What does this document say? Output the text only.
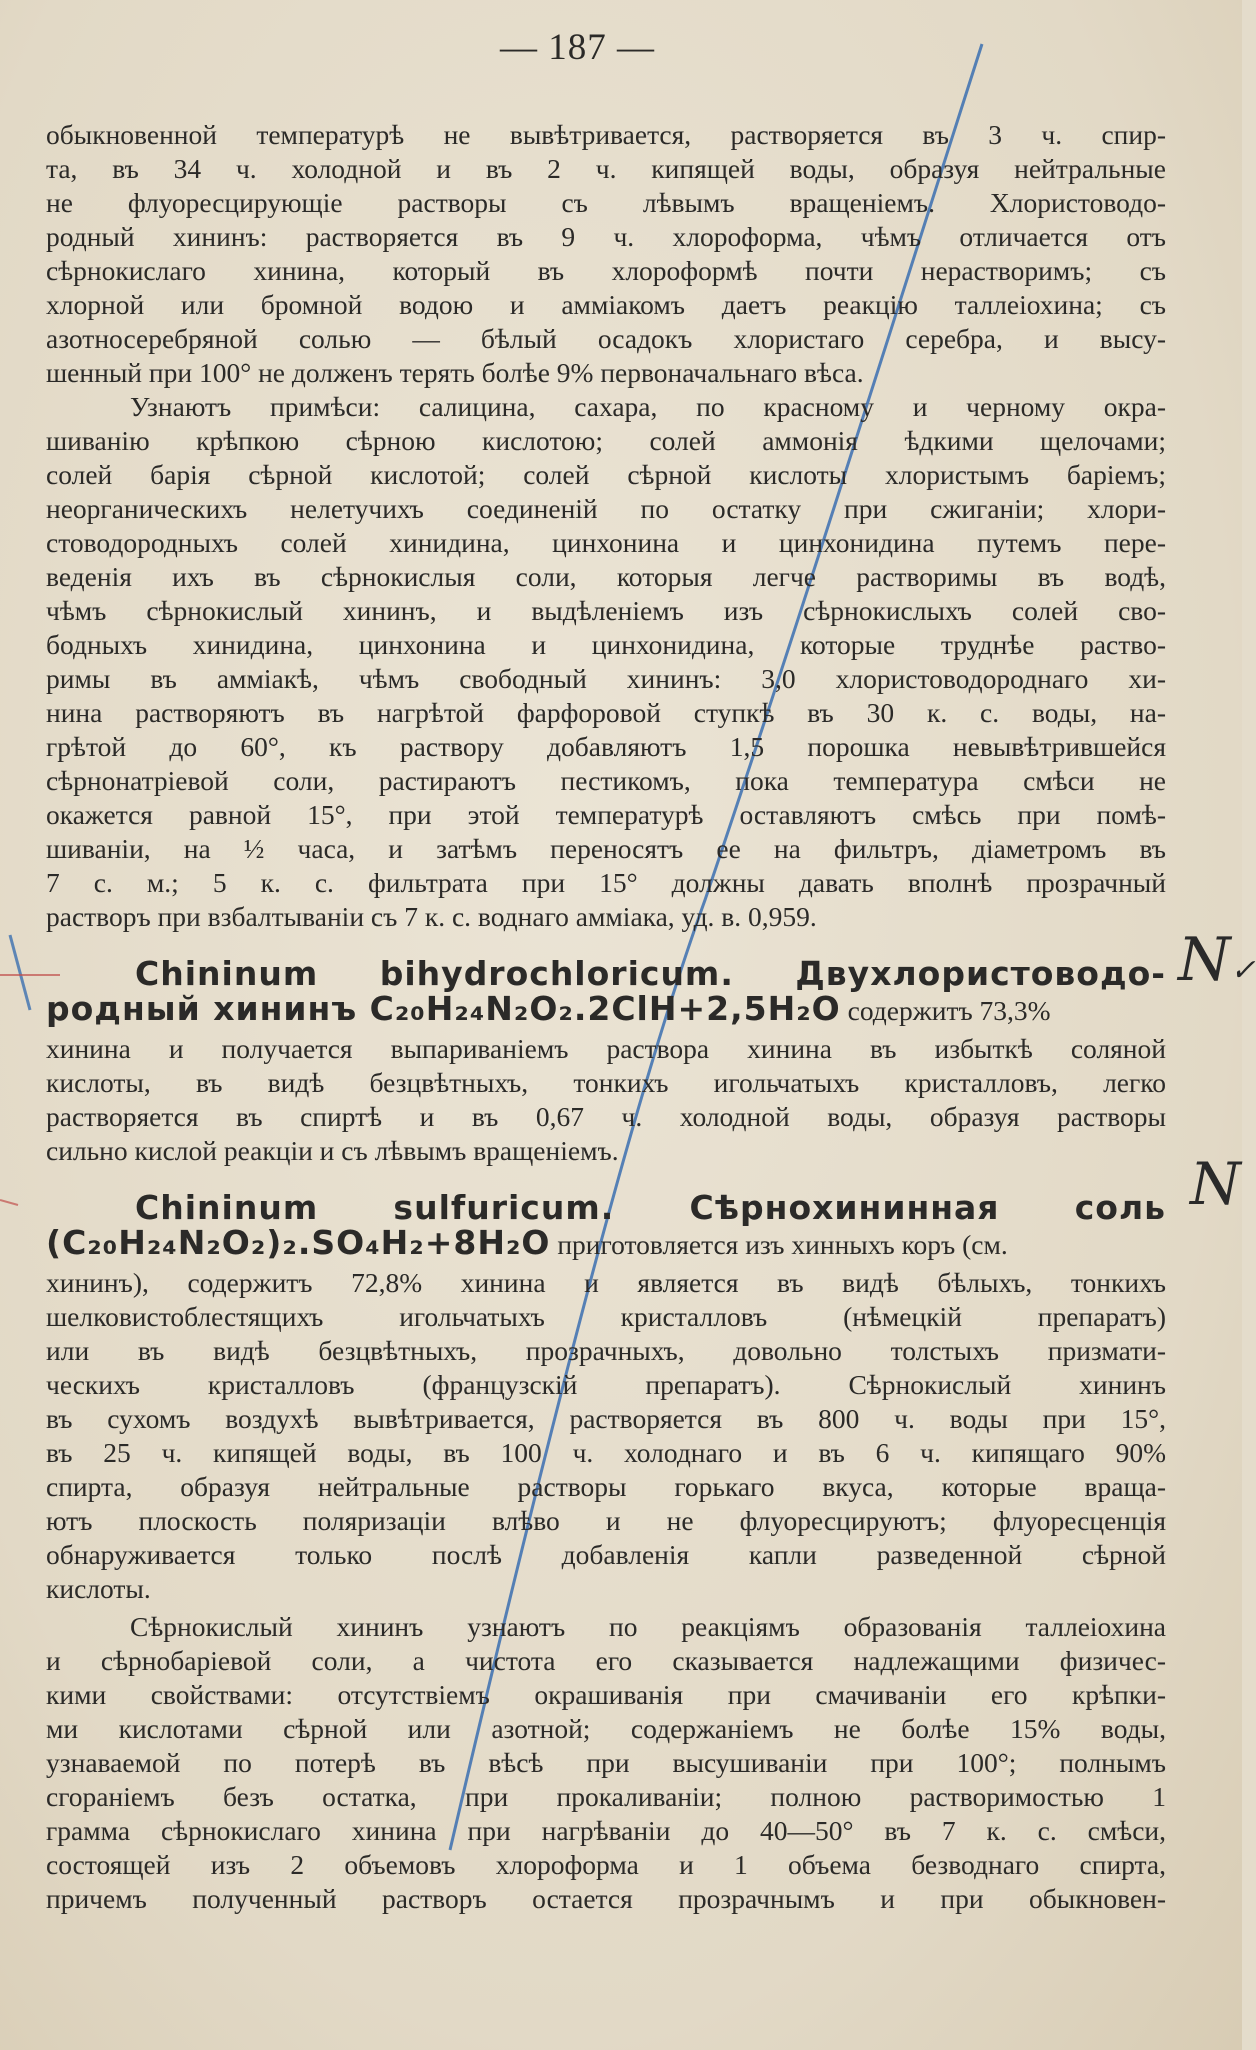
— 187 —
обыкновенной температурѣ не вывѣтривается, растворяется въ 3 ч. спир-
та, въ 34 ч. холодной и въ 2 ч. кипящей воды, образуя нейтральные
не флуоресцирующіе растворы съ лѣвымъ вращеніемъ. Хлористоводо-
родный хининъ: растворяется въ 9 ч. хлороформа, чѣмъ отличается отъ
сѣрнокислаго хинина, который въ хлороформѣ почти нерастворимъ; съ
хлорной или бромной водою и амміакомъ даетъ реакцію таллеіохина; съ
азотносеребряной солью — бѣлый осадокъ хлористаго серебра, и высу-
шенный при 100° не долженъ терять болѣе 9% первоначальнаго вѣса.
Узнаютъ примѣси: салицина, сахара, по красному и черному окра-
шиванію крѣпкою сѣрною кислотою; солей аммонія ѣдкими щелочами;
солей барія сѣрной кислотой; солей сѣрной кислоты хлористымъ баріемъ;
неорганическихъ нелетучихъ соединеній по остатку при сжиганіи; хлори-
стоводородныхъ солей хинидина, цинхонина и цинхонидина путемъ пере-
веденія ихъ въ сѣрнокислыя соли, которыя легче растворимы въ водѣ,
чѣмъ сѣрнокислый хининъ, и выдѣленіемъ изъ сѣрнокислыхъ солей сво-
бодныхъ хинидина, цинхонина и цинхонидина, которые труднѣе раство-
римы въ амміакѣ, чѣмъ свободный хининъ: 3,0 хлористоводороднаго хи-
нина растворяютъ въ нагрѣтой фарфоровой ступкѣ въ 30 к. с. воды, на-
грѣтой до 60°, къ раствору добавляютъ 1,5 порошка невывѣтрившейся
сѣрнонатріевой соли, растираютъ пестикомъ, пока температура смѣси не
окажется равной 15°, при этой температурѣ оставляютъ смѣсь при помѣ-
шиваніи, на ½ часа, и затѣмъ переносятъ ее на фильтръ, діаметромъ въ
7 с. м.; 5 к. с. фильтрата при 15° должны давать вполнѣ прозрачный
растворъ при взбалтываніи съ 7 к. с. воднаго амміака, уд. в. 0,959.
Chininum bihydrochloricum. Двухлористоводо-
родный хининъ C₂₀H₂₄N₂O₂.2ClH+2,5H₂O содержитъ 73,3%
хинина и получается выпариваніемъ раствора хинина въ избыткѣ соляной
кислоты, въ видѣ безцвѣтныхъ, тонкихъ игольчатыхъ кристалловъ, легко
растворяется въ спиртѣ и въ 0,67 ч. холодной воды, образуя растворы
сильно кислой реакціи и съ лѣвымъ вращеніемъ.
Chininum sulfuricum. Сѣрнохининная соль
(C₂₀H₂₄N₂O₂)₂.SO₄H₂+8H₂O приготовляется изъ хинныхъ коръ (см.
хининъ), содержитъ 72,8% хинина и является въ видѣ бѣлыхъ, тонкихъ
шелковистоблестящихъ игольчатыхъ кристалловъ (нѣмецкій препаратъ)
или въ видѣ безцвѣтныхъ, прозрачныхъ, довольно толстыхъ призмати-
ческихъ кристалловъ (французскій препаратъ). Сѣрнокислый хининъ
въ сухомъ воздухѣ вывѣтривается, растворяется въ 800 ч. воды при 15°,
въ 25 ч. кипящей воды, въ 100 ч. холоднаго и въ 6 ч. кипящаго 90%
спирта, образуя нейтральные растворы горькаго вкуса, которые враща-
ютъ плоскость поляризаціи влѣво и не флуоресцируютъ; флуоресценція
обнаруживается только послѣ добавленія капли разведенной сѣрной
кислоты.
Сѣрнокислый хининъ узнаютъ по реакціямъ образованія таллеіохина
и сѣрнобаріевой соли, а чистота его сказывается надлежащими физичес-
кими свойствами: отсутствіемъ окрашиванія при смачиваніи его крѣпки-
ми кислотами сѣрной или азотной; содержаніемъ не болѣе 15% воды,
узнаваемой по потерѣ въ вѣсѣ при высушиваніи при 100°; полнымъ
сгораніемъ безъ остатка, при прокаливаніи; полною растворимостью 1
грамма сѣрнокислаго хинина при нагрѣваніи до 40—50° въ 7 к. с. смѣси,
состоящей изъ 2 объемовъ хлороформа и 1 объема безводнаго спирта,
причемъ полученный растворъ остается прозрачнымъ и при обыкновен-
N✓
N
